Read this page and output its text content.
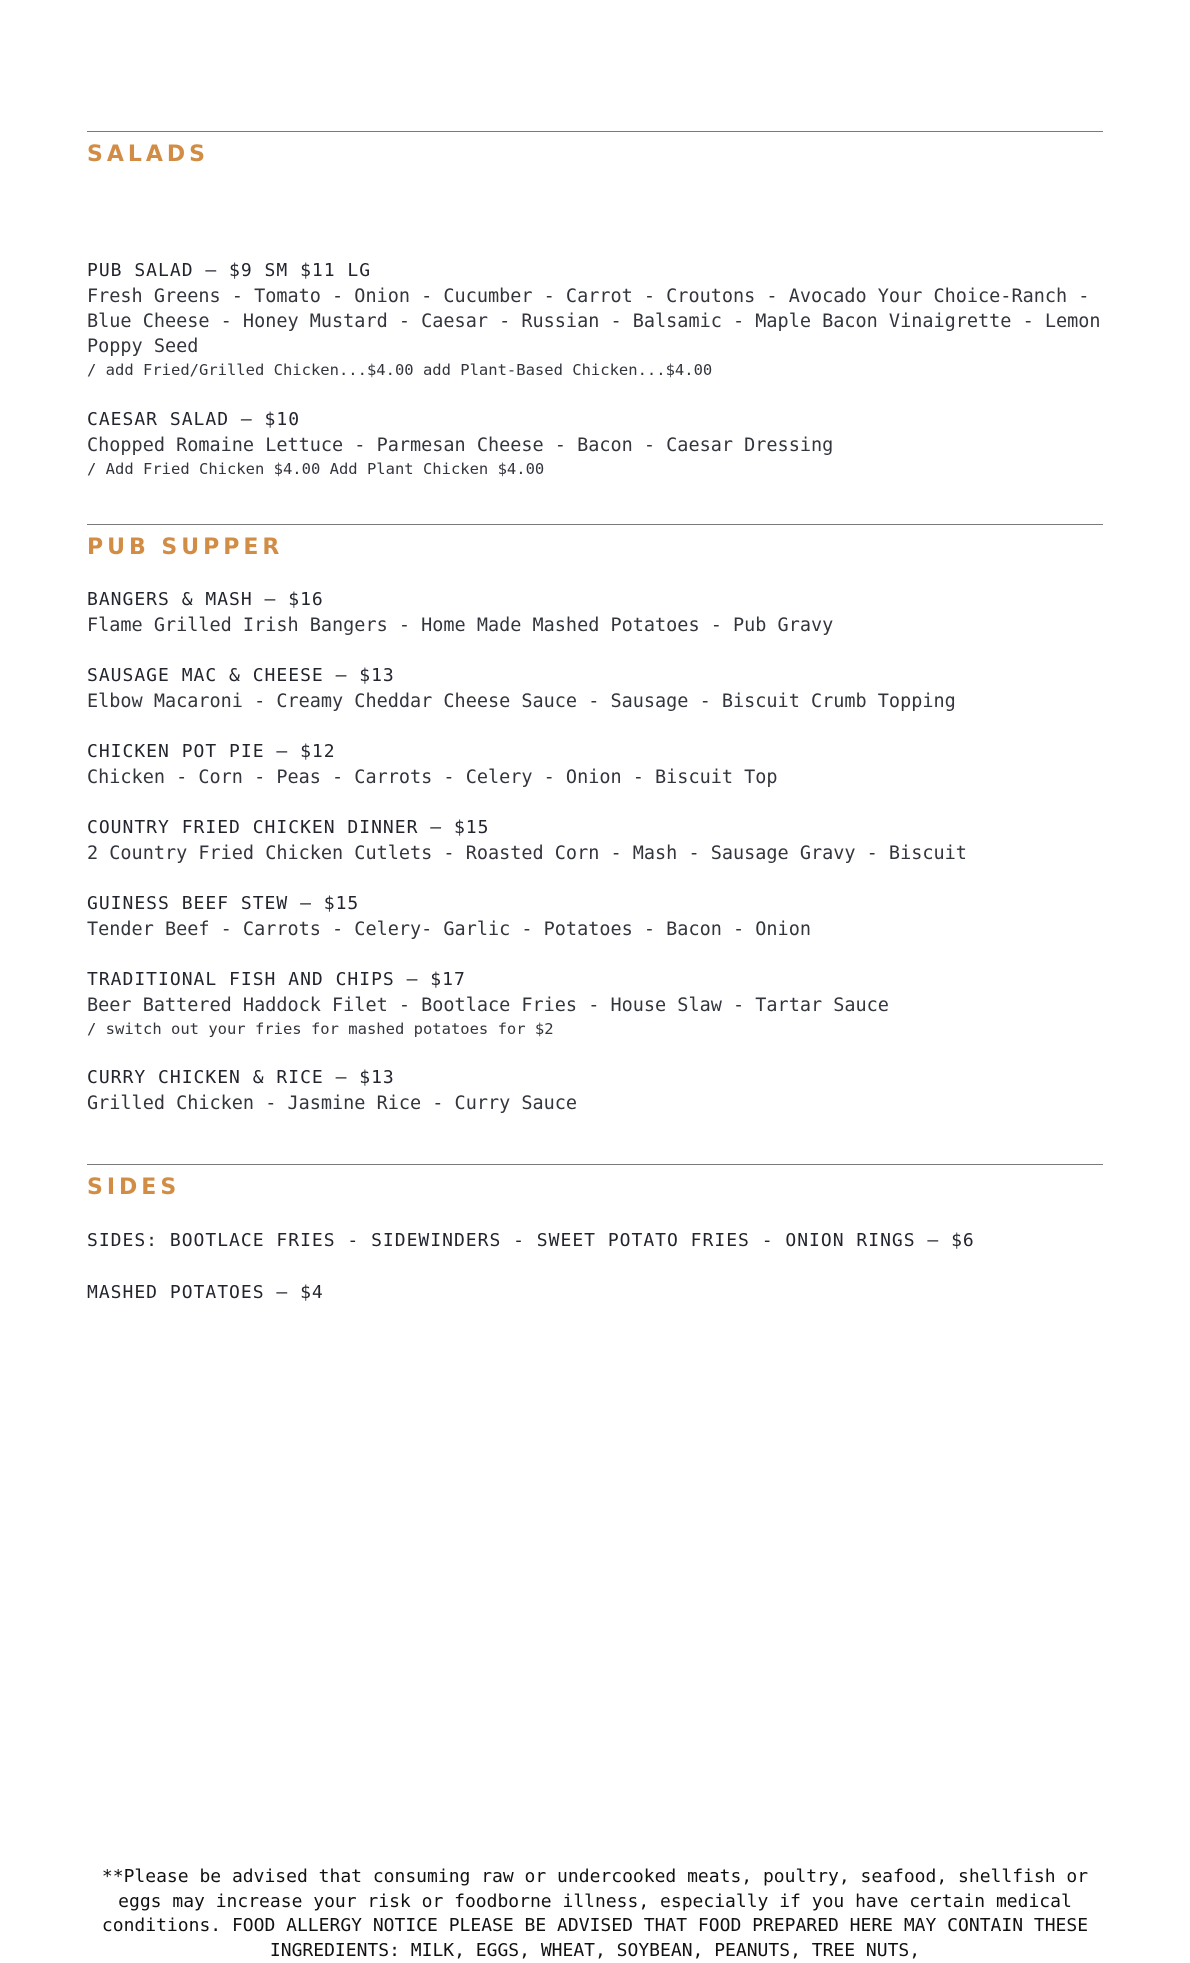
SALADS
PUB SALAD – $9 SM $11 LG
Fresh Greens - Tomato - Onion - Cucumber - Carrot - Croutons - Avocado Your Choice-Ranch - Blue Cheese - Honey Mustard - Caesar - Russian - Balsamic - Maple Bacon Vinaigrette - Lemon Poppy Seed
/ add Fried/Grilled Chicken...$4.00 add Plant-Based Chicken...$4.00
CAESAR SALAD – $10
Chopped Romaine Lettuce - Parmesan Cheese - Bacon - Caesar Dressing
/ Add Fried Chicken $4.00 Add Plant Chicken $4.00
PUB SUPPER
BANGERS & MASH – $16
Flame Grilled Irish Bangers - Home Made Mashed Potatoes - Pub Gravy
SAUSAGE MAC & CHEESE – $13
Elbow Macaroni - Creamy Cheddar Cheese Sauce - Sausage - Biscuit Crumb Topping
CHICKEN POT PIE – $12
Chicken - Corn - Peas - Carrots - Celery - Onion - Biscuit Top
COUNTRY FRIED CHICKEN DINNER – $15
2 Country Fried Chicken Cutlets - Roasted Corn - Mash - Sausage Gravy - Biscuit
GUINESS BEEF STEW – $15
Tender Beef - Carrots - Celery- Garlic - Potatoes - Bacon - Onion
TRADITIONAL FISH AND CHIPS – $17
Beer Battered Haddock Filet - Bootlace Fries - House Slaw - Tartar Sauce
/ switch out your fries for mashed potatoes for $2
CURRY CHICKEN & RICE – $13
Grilled Chicken - Jasmine Rice - Curry Sauce
SIDES
SIDES: BOOTLACE FRIES - SIDEWINDERS - SWEET POTATO FRIES - ONION RINGS – $6
MASHED POTATOES – $4
**Please be advised that consuming raw or undercooked meats, poultry, seafood, shellfish or eggs may increase your risk or foodborne illness, especially if you have certain medical conditions. FOOD ALLERGY NOTICE PLEASE BE ADVISED THAT FOOD PREPARED HERE MAY CONTAIN THESE INGREDIENTS: MILK, EGGS, WHEAT, SOYBEAN, PEANUTS, TREE NUTS,
